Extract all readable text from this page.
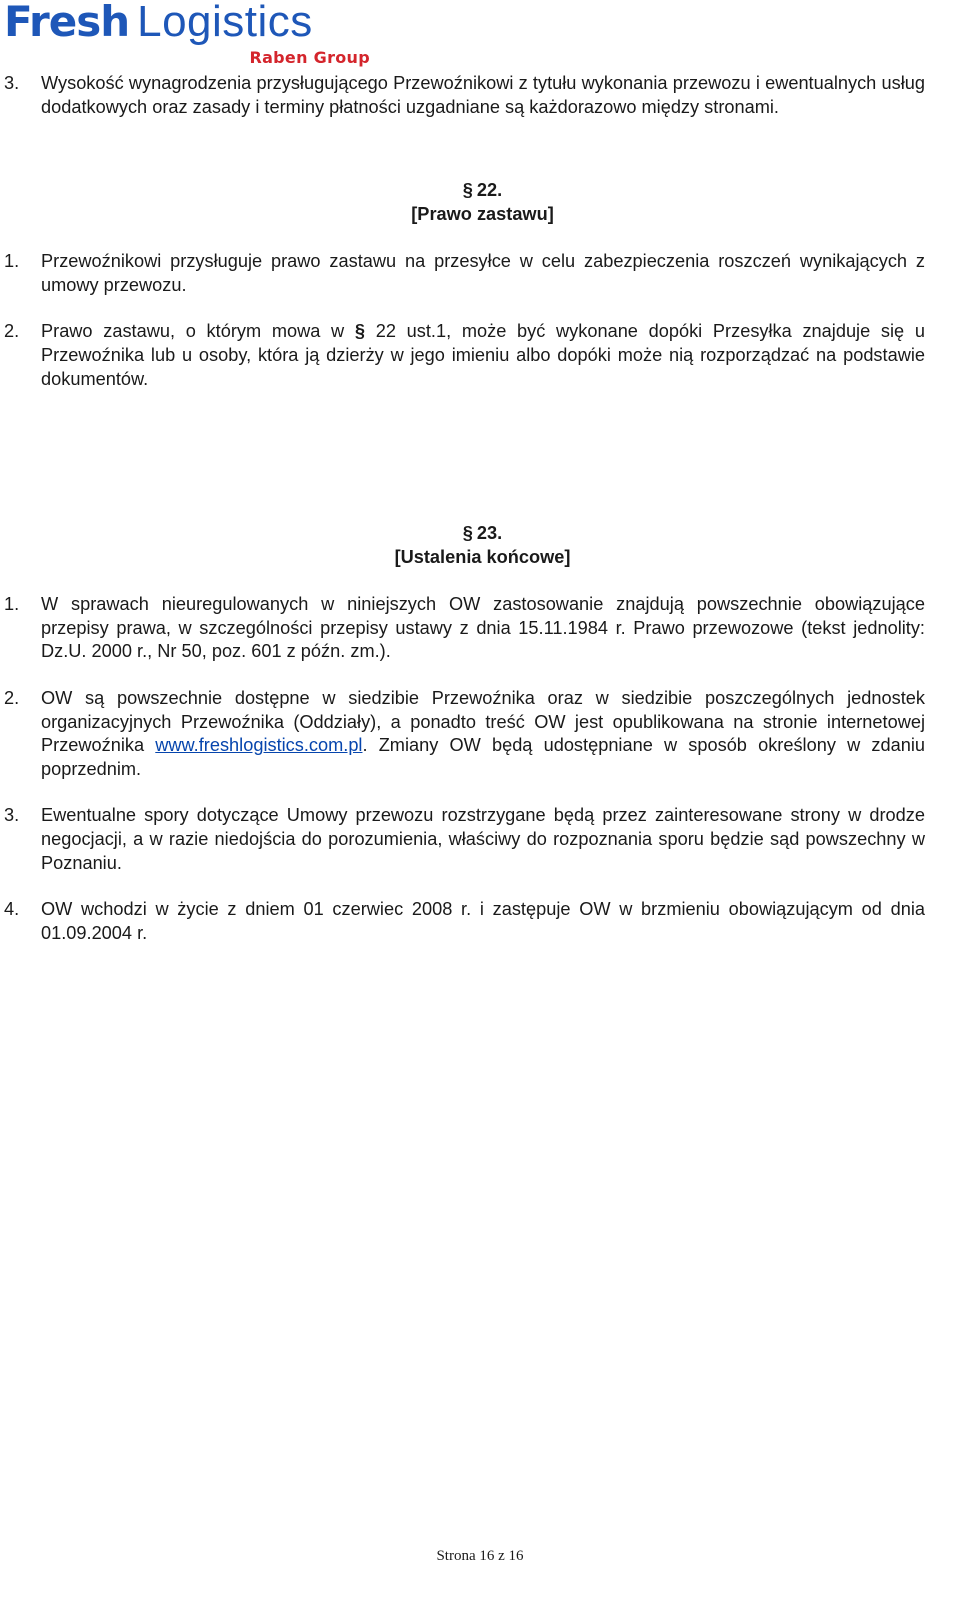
Fresh Logistics
Raben Group
3. Wysokość wynagrodzenia przysługującego Przewoźnikowi z tytułu wykonania przewozu i ewentualnych usług dodatkowych oraz zasady i terminy płatności uzgadniane są każdorazowo między stronami.
§ 22.
[Prawo zastawu]
1. Przewoźnikowi przysługuje prawo zastawu na przesyłce w celu zabezpieczenia roszczeń wynikających z umowy przewozu.
2. Prawo zastawu, o którym mowa w § 22 ust.1, może być wykonane dopóki Przesyłka znajduje się u Przewoźnika lub u osoby, która ją dzierży w jego imieniu albo dopóki może nią rozporządzać na podstawie dokumentów.
§ 23.
[Ustalenia końcowe]
1. W sprawach nieuregulowanych w niniejszych OW zastosowanie znajdują powszechnie obowiązujące przepisy prawa, w szczególności przepisy ustawy z dnia 15.11.1984 r. Prawo przewozowe (tekst jednolity: Dz.U. 2000 r., Nr 50, poz. 601 z późn. zm.).
2. OW są powszechnie dostępne w siedzibie Przewoźnika oraz w siedzibie poszczególnych jednostek organizacyjnych Przewoźnika (Oddziały), a ponadto treść OW jest opublikowana na stronie internetowej Przewoźnika www.freshlogistics.com.pl. Zmiany OW będą udostępniane w sposób określony w zdaniu poprzednim.
3. Ewentualne spory dotyczące Umowy przewozu rozstrzygane będą przez zainteresowane strony w drodze negocjacji, a w razie niedojścia do porozumienia, właściwy do rozpoznania sporu będzie sąd powszechny w Poznaniu.
4. OW wchodzi w życie z dniem 01 czerwiec 2008 r. i zastępuje OW w brzmieniu obowiązującym od dnia 01.09.2004 r.
Strona 16 z 16
